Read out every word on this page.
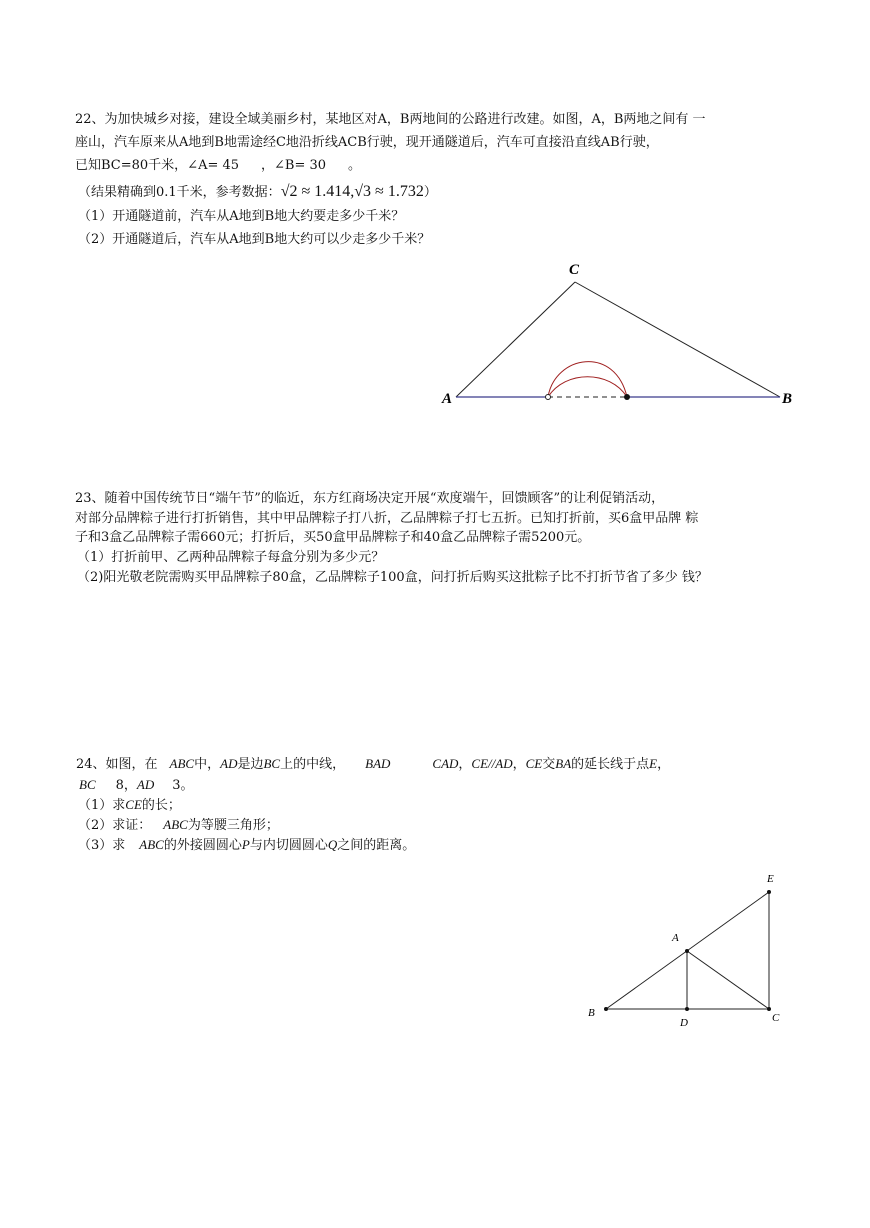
22、为加快城乡对接，建设全域美丽乡村，某地区对A，B两地间的公路进行改建。如图，A，B两地之间有 一
座山，汽车原来从A地到B地需途经C地沿折线ACB行驶，现开通隧道后，汽车可直接沿直线AB行驶，
已知BC=80千米，∠A= 45 ，∠B= 30 。
（结果精确到0.1千米，参考数据：√2 ≈ 1.414,√3 ≈ 1.732）
（1）开通隧道前，汽车从A地到B地大约要走多少千米？
（2）开通隧道后，汽车从A地到B地大约可以少走多少千米？
C
A	B
23、随着中国传统节日“端午节”的临近，东方红商场决定开展“欢度端午，回馈顾客”的让利促销活动，
对部分品牌粽子进行打折销售，其中甲品牌粽子打八折，乙品牌粽子打七五折。已知打折前，买6盒甲品牌 粽
子和3盒乙品牌粽子需660元；打折后，买50盒甲品牌粽子和40盒乙品牌粽子需5200元。
（1）打折前甲、乙两种品牌粽子每盒分别为多少元？
（2)阳光敬老院需购买甲品牌粽子80盒，乙品牌粽子100盒，问打折后购买这批粽子比不打折节省了多少 钱？
24、如图，在 ABC中，AD是边BC上的中线， BAD	CAD，CE//AD，CE交BA的延长线于点E，
BC 8，AD 3。
（1）求CE的长；
（2）求证： ABC为等腰三角形；
（3）求 ABC的外接圆圆心P与内切圆圆心Q之间的距离。
E
A
B
D	C
